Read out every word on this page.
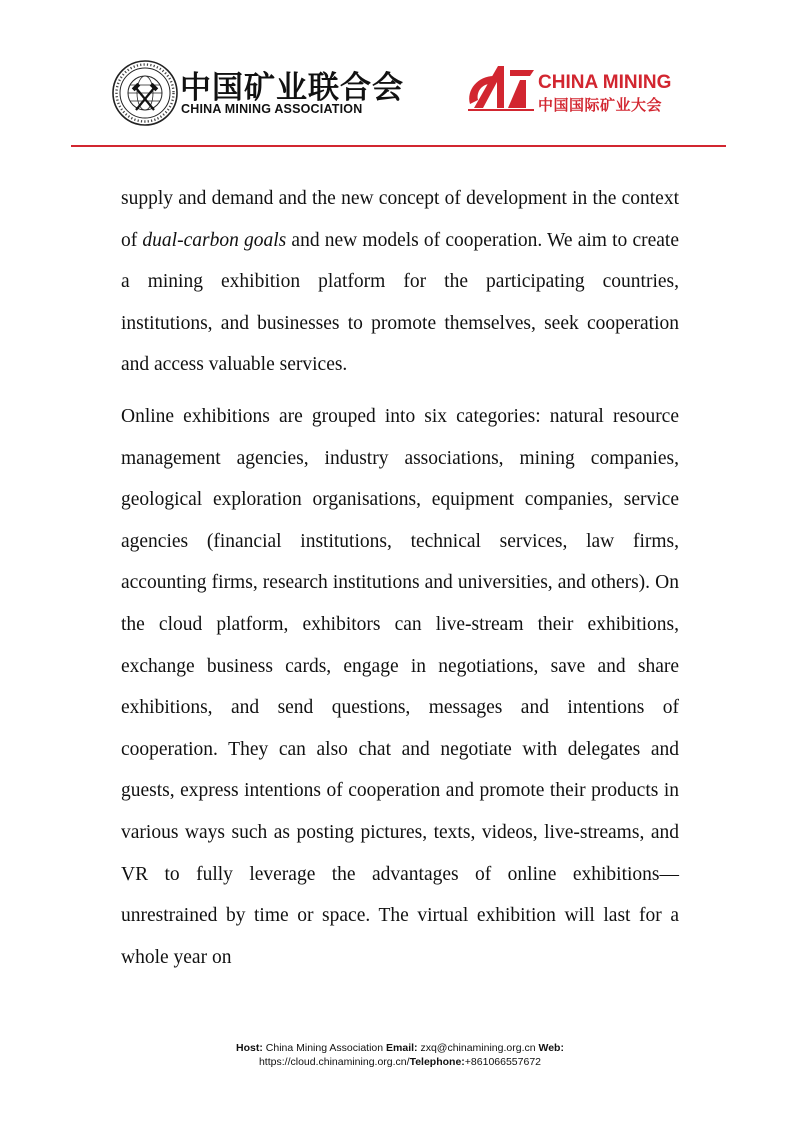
中国矿业联合会
CHINA MINING ASSOCIATION
CHINA MINING
中国国际矿业大会

supply and demand and the new concept of development in the context of dual-carbon goals and new models of cooperation. We aim to create a mining exhibition platform for the participating countries, institutions, and businesses to promote themselves, seek cooperation and access valuable services.

Online exhibitions are grouped into six categories: natural resource management agencies, industry associations, mining companies, geological exploration organisations, equipment companies, service agencies (financial institutions, technical services, law firms, accounting firms, research institutions and universities, and others). On the cloud platform, exhibitors can live-stream their exhibitions, exchange business cards, engage in negotiations, save and share exhibitions, and send questions, messages and intentions of cooperation. They can also chat and negotiate with delegates and guests, express intentions of cooperation and promote their products in various ways such as posting pictures, texts, videos, live-streams, and VR to fully leverage the advantages of online exhibitions—unrestrained by time or space. The virtual exhibition will last for a whole year on

Host: China Mining Association Email: zxq@chinamining.org.cn Web:
https://cloud.chinamining.org.cn/Telephone:+861066557672
